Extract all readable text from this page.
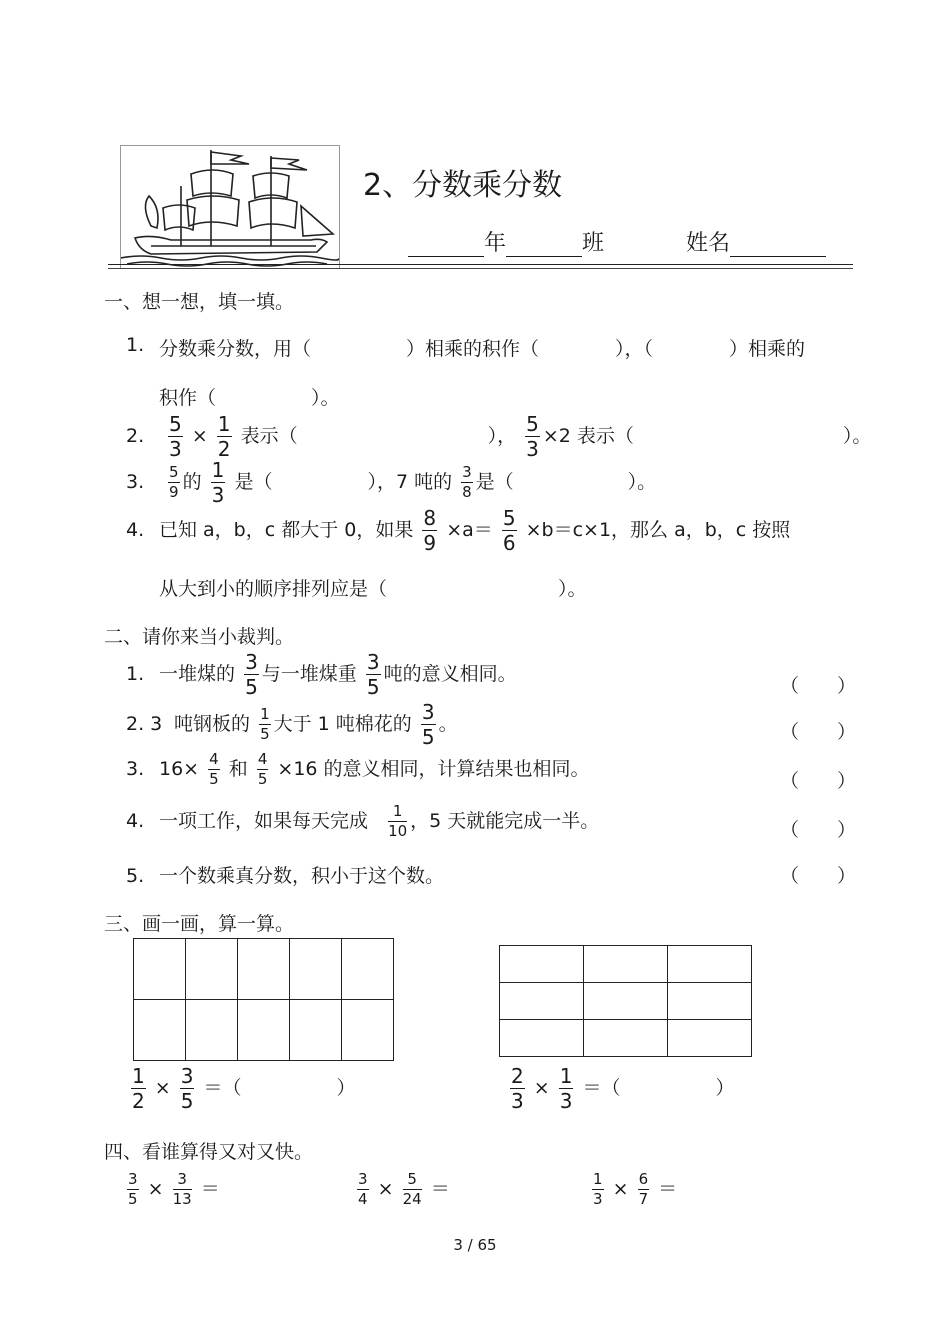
2、分数乘分数
年	班	姓名
一、想一想，填一填。
1. 分数乘分数，用（　　　　　）相乘的积作（　　　　），（　　　　）相乘的
积作（　　　　　）。
2. $\frac{5}{3} \times \frac{1}{2}$ 表示（　　　　　　　　　　）， $\frac{5}{3} \times 2$ 表示（　　　　　　　　　　　）。
3. $\frac{5}{9}$ 的 $\frac{1}{3}$ 是（　　　　　），7 吨的 $\frac{3}{8}$ 是（　　　　　　）。
4. 已知 a，b，c 都大于 0，如果 $\frac{8}{9} \times a= \frac{5}{6} \times b=c\times 1$，那么 a，b，c 按照
从大到小的顺序排列应是（　　　　　　　　　）。
二、请你来当小裁判。
1. 一堆煤的 $\frac{3}{5}$ 与一堆煤重 $\frac{3}{5}$ 吨的意义相同。
（　　）
2. 3 吨钢板的 $\frac{1}{5}$ 大于 1 吨棉花的 $\frac{3}{5}$ 。	（　　）
3. $16\times \frac{4}{5}$ 和 $\frac{4}{5} \times 16$ 的意义相同，计算结果也相同。
（　　）
4. 一项工作，如果每天完成 $\frac{1}{10}$ ，5 天就能完成一半。	（　　）
5. 一个数乘真分数，积小于这个数。	（　　）
三、画一画，算一算。

$\frac{1}{2} \times \frac{3}{5}$ ＝（　　　　　）	$\frac{2}{3} \times \frac{1}{3}$ ＝（　　　　　）
四、看谁算得又对又快。
$\frac{3}{5} \times \frac{3}{13}$ ＝	$\frac{3}{4} \times \frac{5}{24}$ ＝	$\frac{1}{3} \times \frac{6}{7}$ ＝
3 / 65
